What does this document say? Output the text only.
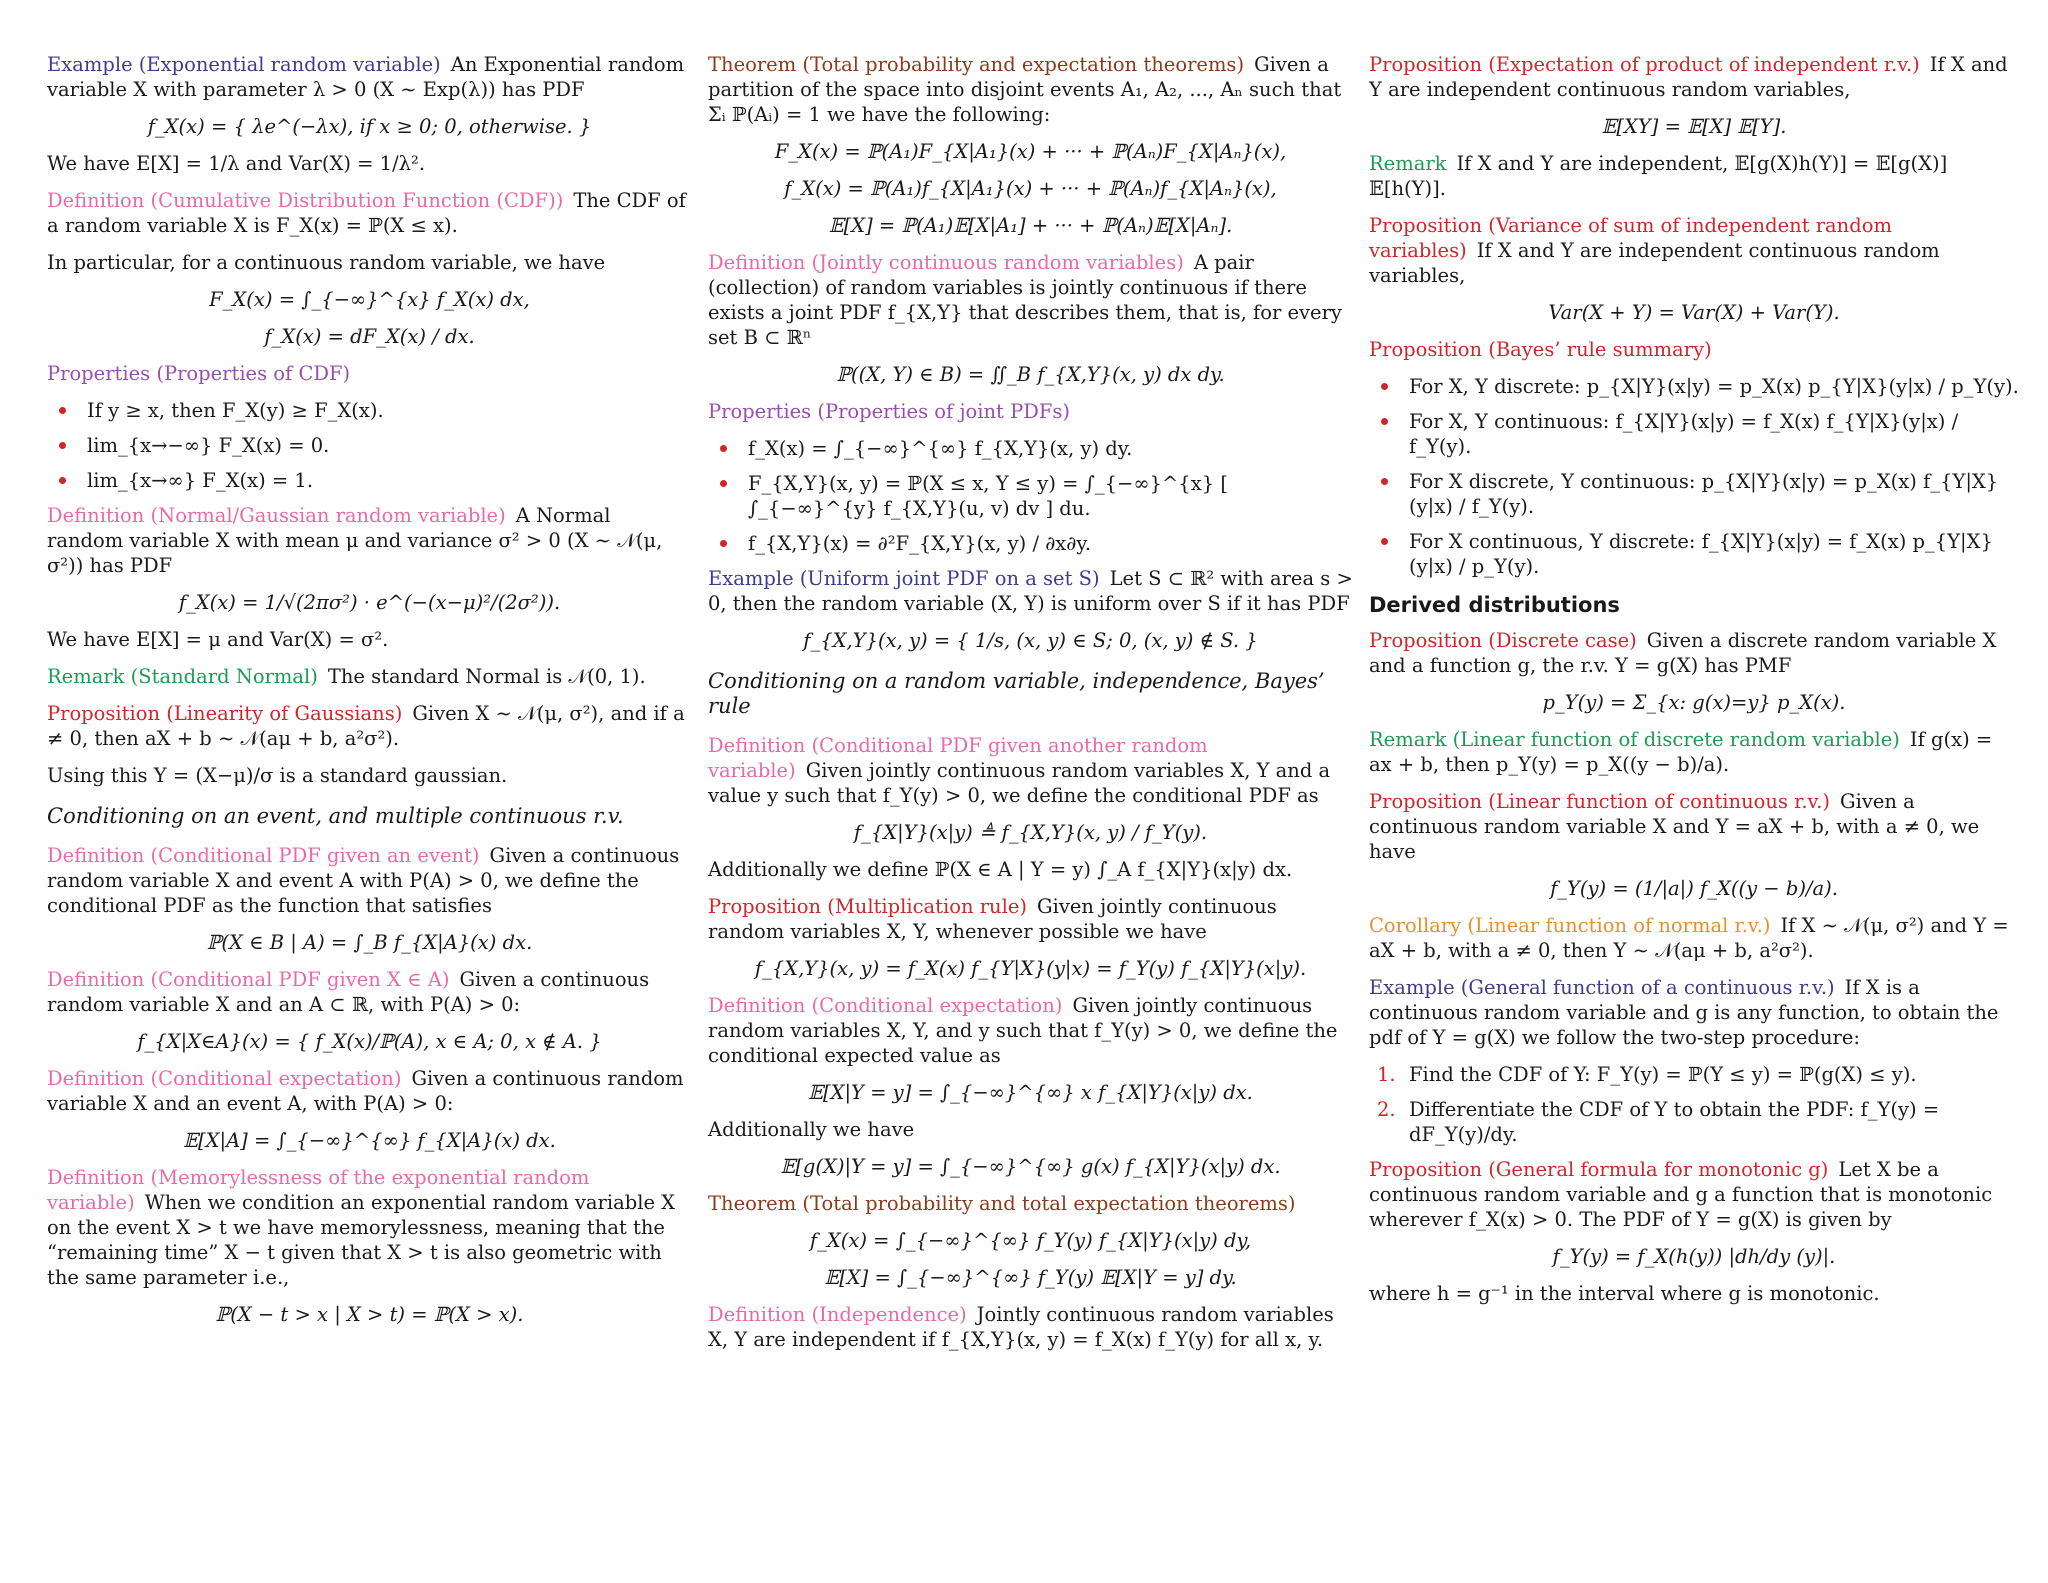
Example (Exponential random variable) An Exponential random variable X with parameter λ > 0 (X ∼ Exp(λ)) has PDF

f_X(x) = { λe^(−λx), if x ≥ 0; 0, otherwise. }
We have E[X] = 1/λ and Var(X) = 1/λ².

Definition (Cumulative Distribution Function (CDF)) The CDF of a random variable X is F_X(x) = ℙ(X ≤ x).

In particular, for a continuous random variable, we have
F_X(x) = ∫_{−∞}^{x} f_X(x) dx,
f_X(x) = dF_X(x) / dx.

Properties (Properties of CDF)

If y ≥ x, then F_X(y) ≥ F_X(x).
lim_{x→−∞} F_X(x) = 0.
lim_{x→∞} F_X(x) = 1.

Definition (Normal/Gaussian random variable) A Normal random variable X with mean μ and variance σ² > 0 (X ∼ 𝒩(μ, σ²)) has PDF

f_X(x) = 1/√(2πσ²) · e^(−(x−μ)²/(2σ²)).
We have E[X] = μ and Var(X) = σ².

Remark (Standard Normal) The standard Normal is 𝒩(0, 1).

Proposition (Linearity of Gaussians) Given X ∼ 𝒩(μ, σ²), and if a ≠ 0, then aX + b ∼ 𝒩(aμ + b, a²σ²).

Using this Y = (X−μ)/σ is a standard gaussian.
Conditioning on an event, and multiple continuous r.v.

Definition (Conditional PDF given an event) Given a continuous random variable X and event A with P(A) > 0, we define the conditional PDF as the function that satisfies

ℙ(X ∈ B | A) = ∫_B f_{X|A}(x) dx.

Definition (Conditional PDF given X ∈ A) Given a continuous random variable X and an A ⊂ ℝ, with P(A) > 0:

f_{X|X∈A}(x) = { f_X(x)/ℙ(A), x ∈ A; 0, x ∉ A. }

Definition (Conditional expectation) Given a continuous random variable X and an event A, with P(A) > 0:

𝔼[X|A] = ∫_{−∞}^{∞} f_{X|A}(x) dx.

Definition (Memorylessness of the exponential random variable) When we condition an exponential random variable X on the event X > t we have memorylessness, meaning that the “remaining time” X − t given that X > t is also geometric with the same parameter i.e.,

ℙ(X − t > x | X > t) = ℙ(X > x).

Theorem (Total probability and expectation theorems) Given a partition of the space into disjoint events A₁, A₂, ..., Aₙ such that Σᵢ ℙ(Aᵢ) = 1 we have the following:

F_X(x) = ℙ(A₁)F_{X|A₁}(x) + ··· + ℙ(Aₙ)F_{X|Aₙ}(x),
f_X(x) = ℙ(A₁)f_{X|A₁}(x) + ··· + ℙ(Aₙ)f_{X|Aₙ}(x),
𝔼[X] = ℙ(A₁)𝔼[X|A₁] + ··· + ℙ(Aₙ)𝔼[X|Aₙ].

Definition (Jointly continuous random variables) A pair (collection) of random variables is jointly continuous if there exists a joint PDF f_{X,Y} that describes them, that is, for every set B ⊂ ℝⁿ

ℙ((X, Y) ∈ B) = ∬_B f_{X,Y}(x, y) dx dy.

Properties (Properties of joint PDFs)

f_X(x) = ∫_{−∞}^{∞} f_{X,Y}(x, y) dy.
F_{X,Y}(x, y) = ℙ(X ≤ x, Y ≤ y) = ∫_{−∞}^{x} [ ∫_{−∞}^{y} f_{X,Y}(u, v) dv ] du.
f_{X,Y}(x) = ∂²F_{X,Y}(x, y) / ∂x∂y.

Example (Uniform joint PDF on a set S) Let S ⊂ ℝ² with area s > 0, then the random variable (X, Y) is uniform over S if it has PDF

f_{X,Y}(x, y) = { 1/s, (x, y) ∈ S; 0, (x, y) ∉ S. }
Conditioning on a random variable, independence, Bayes’ rule

Definition (Conditional PDF given another random variable) Given jointly continuous random variables X, Y and a value y such that f_Y(y) > 0, we define the conditional PDF as

f_{X|Y}(x|y) ≜ f_{X,Y}(x, y) / f_Y(y).
Additionally we define ℙ(X ∈ A | Y = y) ∫_A f_{X|Y}(x|y) dx.

Proposition (Multiplication rule) Given jointly continuous random variables X, Y, whenever possible we have

f_{X,Y}(x, y) = f_X(x) f_{Y|X}(y|x) = f_Y(y) f_{X|Y}(x|y).

Definition (Conditional expectation) Given jointly continuous random variables X, Y, and y such that f_Y(y) > 0, we define the conditional expected value as

𝔼[X|Y = y] = ∫_{−∞}^{∞} x f_{X|Y}(x|y) dx.
Additionally we have
𝔼[g(X)|Y = y] = ∫_{−∞}^{∞} g(x) f_{X|Y}(x|y) dx.

Theorem (Total probability and total expectation theorems)

f_X(x) = ∫_{−∞}^{∞} f_Y(y) f_{X|Y}(x|y) dy,
𝔼[X] = ∫_{−∞}^{∞} f_Y(y) 𝔼[X|Y = y] dy.

Definition (Independence) Jointly continuous random variables X, Y are independent if f_{X,Y}(x, y) = f_X(x) f_Y(y) for all x, y.

Proposition (Expectation of product of independent r.v.) If X and Y are independent continuous random variables,

𝔼[XY] = 𝔼[X] 𝔼[Y].

Remark If X and Y are independent, 𝔼[g(X)h(Y)] = 𝔼[g(X)] 𝔼[h(Y)].

Proposition (Variance of sum of independent random variables) If X and Y are independent continuous random variables,

Var(X + Y) = Var(X) + Var(Y).

Proposition (Bayes’ rule summary)

For X, Y discrete: p_{X|Y}(x|y) = p_X(x) p_{Y|X}(y|x) / p_Y(y).
For X, Y continuous: f_{X|Y}(x|y) = f_X(x) f_{Y|X}(y|x) / f_Y(y).
For X discrete, Y continuous: p_{X|Y}(x|y) = p_X(x) f_{Y|X}(y|x) / f_Y(y).
For X continuous, Y discrete: f_{X|Y}(x|y) = f_X(x) p_{Y|X}(y|x) / p_Y(y).
Derived distributions

Proposition (Discrete case) Given a discrete random variable X and a function g, the r.v. Y = g(X) has PMF

p_Y(y) = Σ_{x: g(x)=y} p_X(x).

Remark (Linear function of discrete random variable) If g(x) = ax + b, then p_Y(y) = p_X((y − b)/a).

Proposition (Linear function of continuous r.v.) Given a continuous random variable X and Y = aX + b, with a ≠ 0, we have

f_Y(y) = (1/|a|) f_X((y − b)/a).

Corollary (Linear function of normal r.v.) If X ∼ 𝒩(μ, σ²) and Y = aX + b, with a ≠ 0, then Y ∼ 𝒩(aμ + b, a²σ²).

Example (General function of a continuous r.v.) If X is a continuous random variable and g is any function, to obtain the pdf of Y = g(X) we follow the two-step procedure:

1. Find the CDF of Y: F_Y(y) = ℙ(Y ≤ y) = ℙ(g(X) ≤ y).
2. Differentiate the CDF of Y to obtain the PDF: f_Y(y) = dF_Y(y)/dy.

Proposition (General formula for monotonic g) Let X be a continuous random variable and g a function that is monotonic wherever f_X(x) > 0. The PDF of Y = g(X) is given by

f_Y(y) = f_X(h(y)) |dh/dy (y)|.
where h = g⁻¹ in the interval where g is monotonic.
